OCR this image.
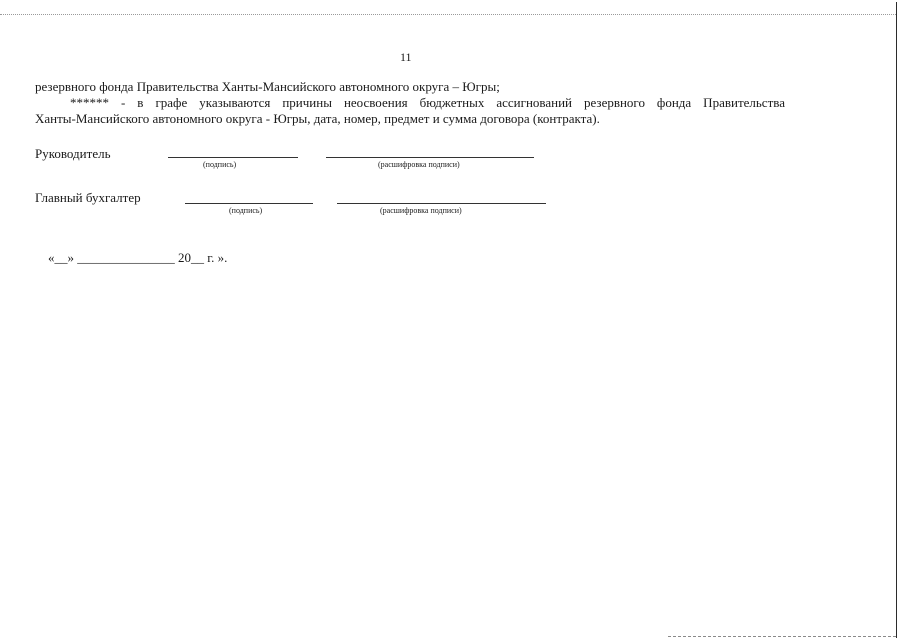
11
резервного фонда Правительства Ханты-Мансийского автономного округа – Югры;
****** - в графе указываются причины неосвоения бюджетных ассигнований резервного фонда Правительства
Ханты-Мансийского автономного округа - Югры, дата, номер, предмет и сумма договора (контракта).
Руководитель
(подпись)	(расшифровка подписи)
Главный бухгалтер
(подпись)	(расшифровка подписи)
«__» _______________ 20__ г. ».
